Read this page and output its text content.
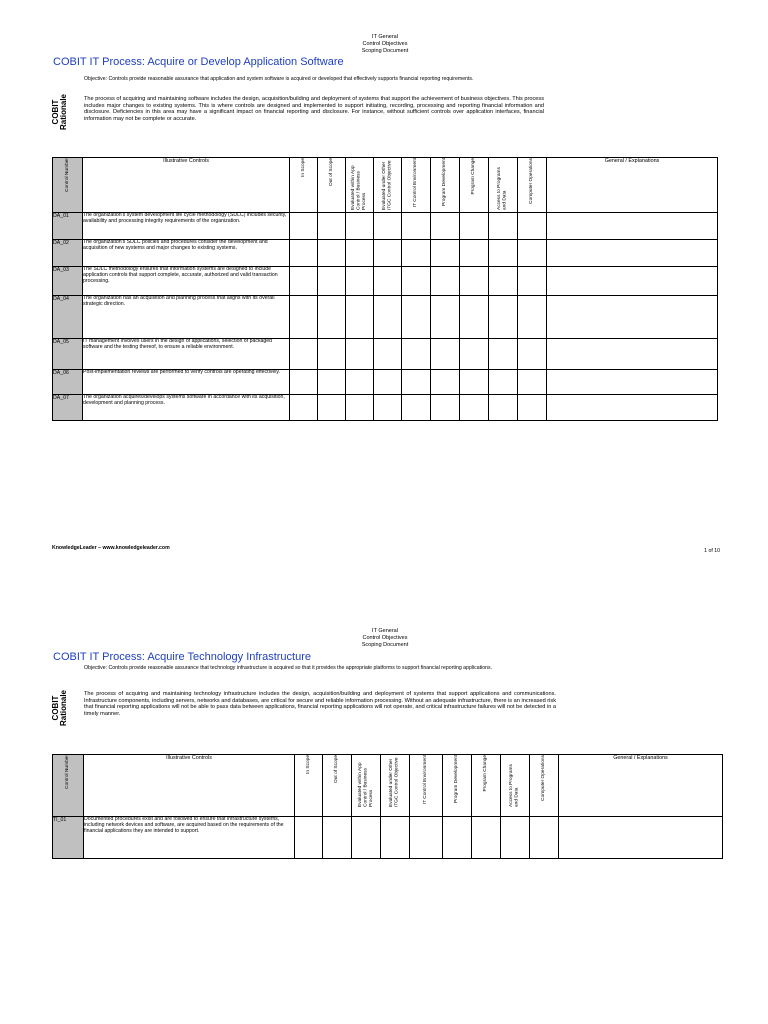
IT General
Control Objectives
Scoping Document
COBIT IT Process: Acquire or Develop Application Software
Objective: Controls provide reasonable assurance that application and system software is acquired or developed that effectively supports financial reporting requirements.
COBIT Rationale	The process of acquiring and maintaining software includes the design, acquisition/building and deployment of systems that support the achievement of business objectives. This process includes major changes to existing systems. This is where controls are designed and implemented to support initiating, recording, processing and reporting financial information and disclosure. Deficiencies in this area may have a significant impact on financial reporting and disclosure. For instance, without sufficient controls over application interfaces, financial information may not be complete or accurate.
Control Number	Illustrative Controls	In Scope	Out of Scope	Evaluated within App Control / Business Process	Evaluated under Other ITGC Control Objective	IT Control Environment	Program Development	Program Change	Access to Programs and Data	Computer Operations	General / Explanations
DA_01	The organization's system development life cycle methodology (SDLC) includes security, availability and processing integrity requirements of the organization.										
DA_02	The organization's SDLC policies and procedures consider the development and acquisition of new systems and major changes to existing systems.										
DA_03	The SDLC methodology ensures that information systems are designed to include application controls that support complete, accurate, authorized and valid transaction processing.										
DA_04	The organization has an acquisition and planning process that aligns with its overall strategic direction.										
DA_05	IT management involves users in the design of applications, selection of packaged software and the testing thereof, to ensure a reliable environment.										
DA_06	Post-implementation reviews are performed to verify controls are operating effectively.										
DA_07	The organization acquires/develops systems software in accordance with its acquisition, development and planning process.										
KnowledgeLeader – www.knowledgeleader.com	1 of 10
IT General
Control Objectives
Scoping Document
COBIT IT Process: Acquire Technology Infrastructure
Objective: Controls provide reasonable assurance that technology infrastructure is acquired so that it provides the appropriate platforms to support financial reporting applications.
COBIT Rationale	The process of acquiring and maintaining technology infrastructure includes the design, acquisition/building and deployment of systems that support applications and communications. Infrastructure components, including servers, networks and databases, are critical for secure and reliable information processing. Without an adequate infrastructure, there is an increased risk that financial reporting applications will not be able to pass data between applications, financial reporting applications will not operate, and critical infrastructure failures will not be detected in a timely manner.
Control Number	Illustrative Controls	In Scope	Out of Scope	Evaluated within App Control / Business Process	Evaluated under Other ITGC Control Objective	IT Control Environment	Program Development	Program Change	Access to Programs and Data	Computer Operations	General / Explanations
TI_01	Documented procedures exist and are followed to ensure that infrastructure systems, including network devices and software, are acquired based on the requirements of the financial applications they are intended to support.										
